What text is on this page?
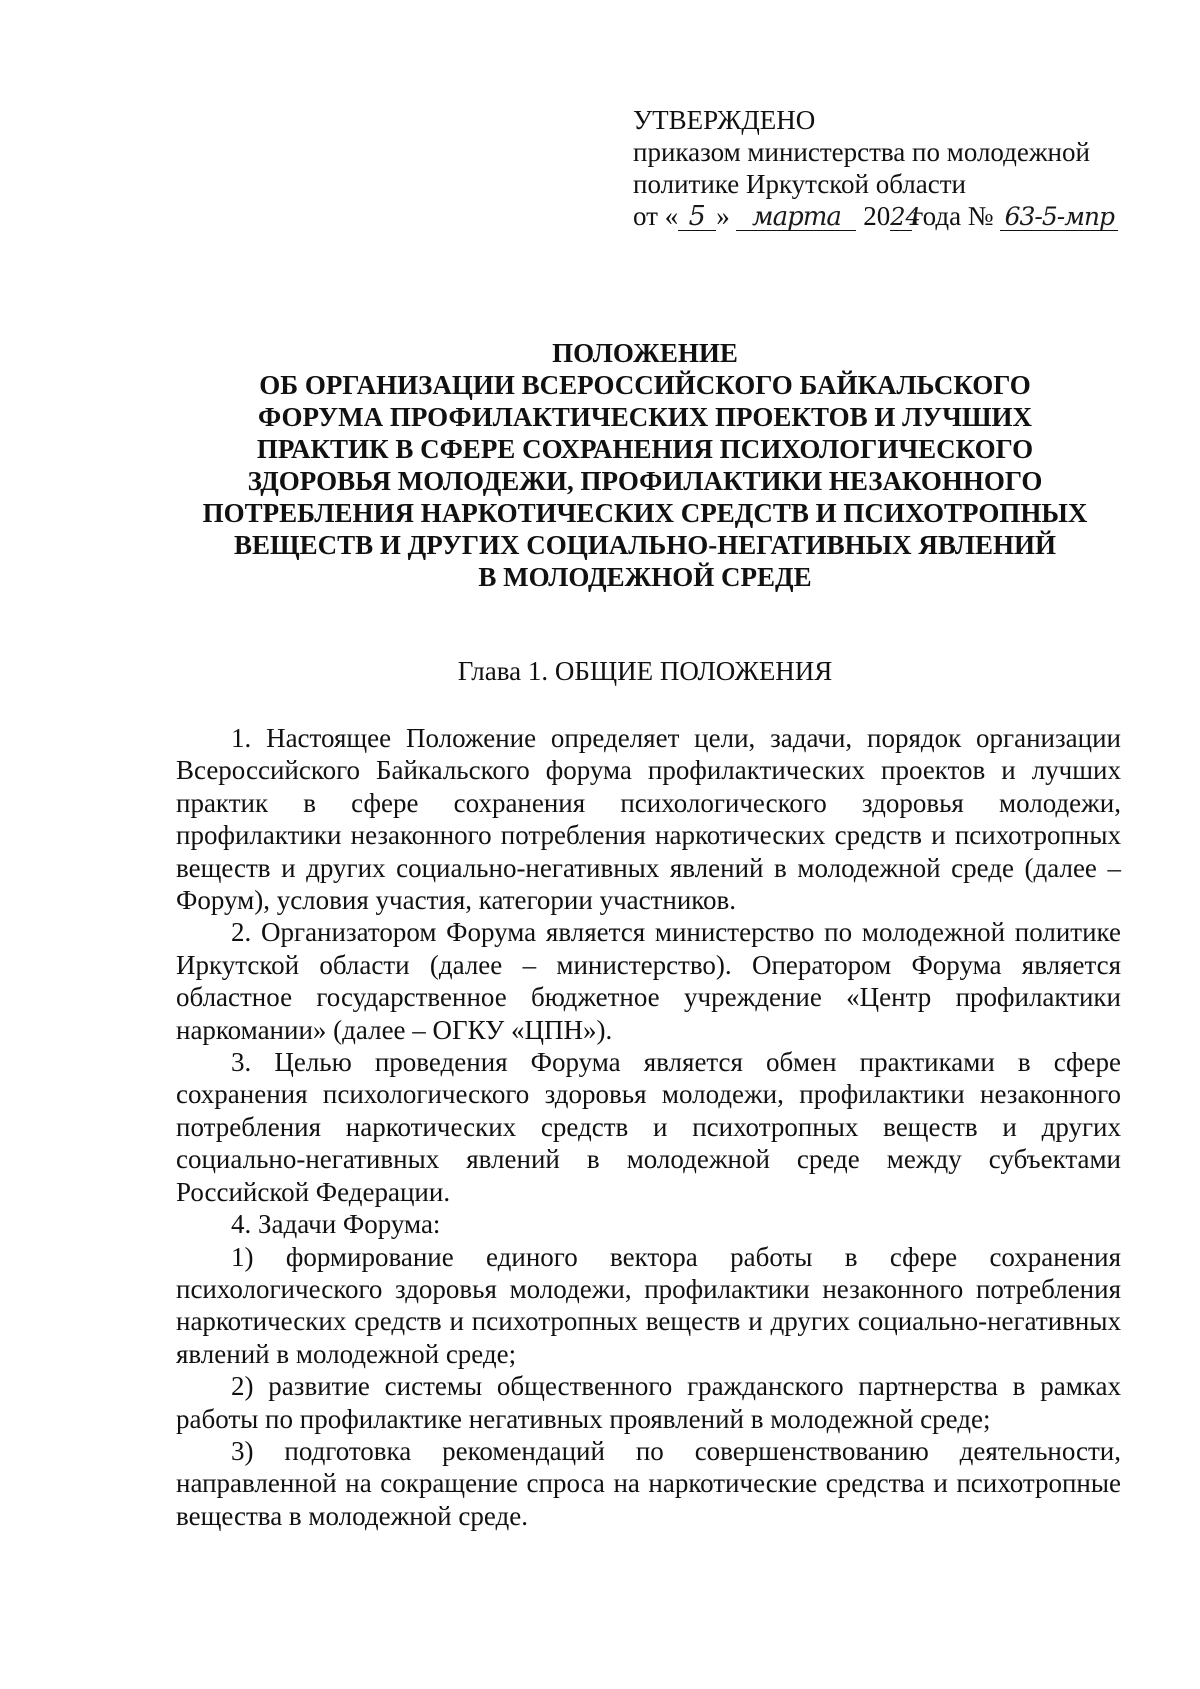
УТВЕРЖДЕНО
приказом министерства по молодежной
политике Иркутской области
от « 5 » марта 2024года № 63-5-мпр
ПОЛОЖЕНИЕ
ОБ ОРГАНИЗАЦИИ ВСЕРОССИЙСКОГО БАЙКАЛЬСКОГО
ФОРУМА ПРОФИЛАКТИЧЕСКИХ ПРОЕКТОВ И ЛУЧШИХ
ПРАКТИК В СФЕРЕ СОХРАНЕНИЯ ПСИХОЛОГИЧЕСКОГО
ЗДОРОВЬЯ МОЛОДЕЖИ, ПРОФИЛАКТИКИ НЕЗАКОННОГО
ПОТРЕБЛЕНИЯ НАРКОТИЧЕСКИХ СРЕДСТВ И ПСИХОТРОПНЫХ
ВЕЩЕСТВ И ДРУГИХ СОЦИАЛЬНО-НЕГАТИВНЫХ ЯВЛЕНИЙ
В МОЛОДЕЖНОЙ СРЕДЕ
Глава 1. ОБЩИЕ ПОЛОЖЕНИЯ

1. Настоящее Положение определяет цели, задачи, порядок организации Всероссийского Байкальского форума профилактических проектов и лучших практик в сфере сохранения психологического здоровья молодежи, профилактики незаконного потребления наркотических средств и психотропных веществ и других социально-негативных явлений в молодежной среде (далее – Форум), условия участия, категории участников.

2. Организатором Форума является министерство по молодежной политике Иркутской области (далее – министерство). Оператором Форума является областное государственное бюджетное учреждение «Центр профилактики наркомании» (далее – ОГКУ «ЦПН»).

3. Целью проведения Форума является обмен практиками в сфере сохранения психологического здоровья молодежи, профилактики незаконного потребления наркотических средств и психотропных веществ и других социально-негативных явлений в молодежной среде между субъектами Российской Федерации.

4. Задачи Форума:

1) формирование единого вектора работы в сфере сохранения психологического здоровья молодежи, профилактики незаконного потребления наркотических средств и психотропных веществ и других социально-негативных явлений в молодежной среде;

2) развитие системы общественного гражданского партнерства в рамках работы по профилактике негативных проявлений в молодежной среде;

3) подготовка рекомендаций по совершенствованию деятельности, направленной на сокращение спроса на наркотические средства и психотропные вещества в молодежной среде.
